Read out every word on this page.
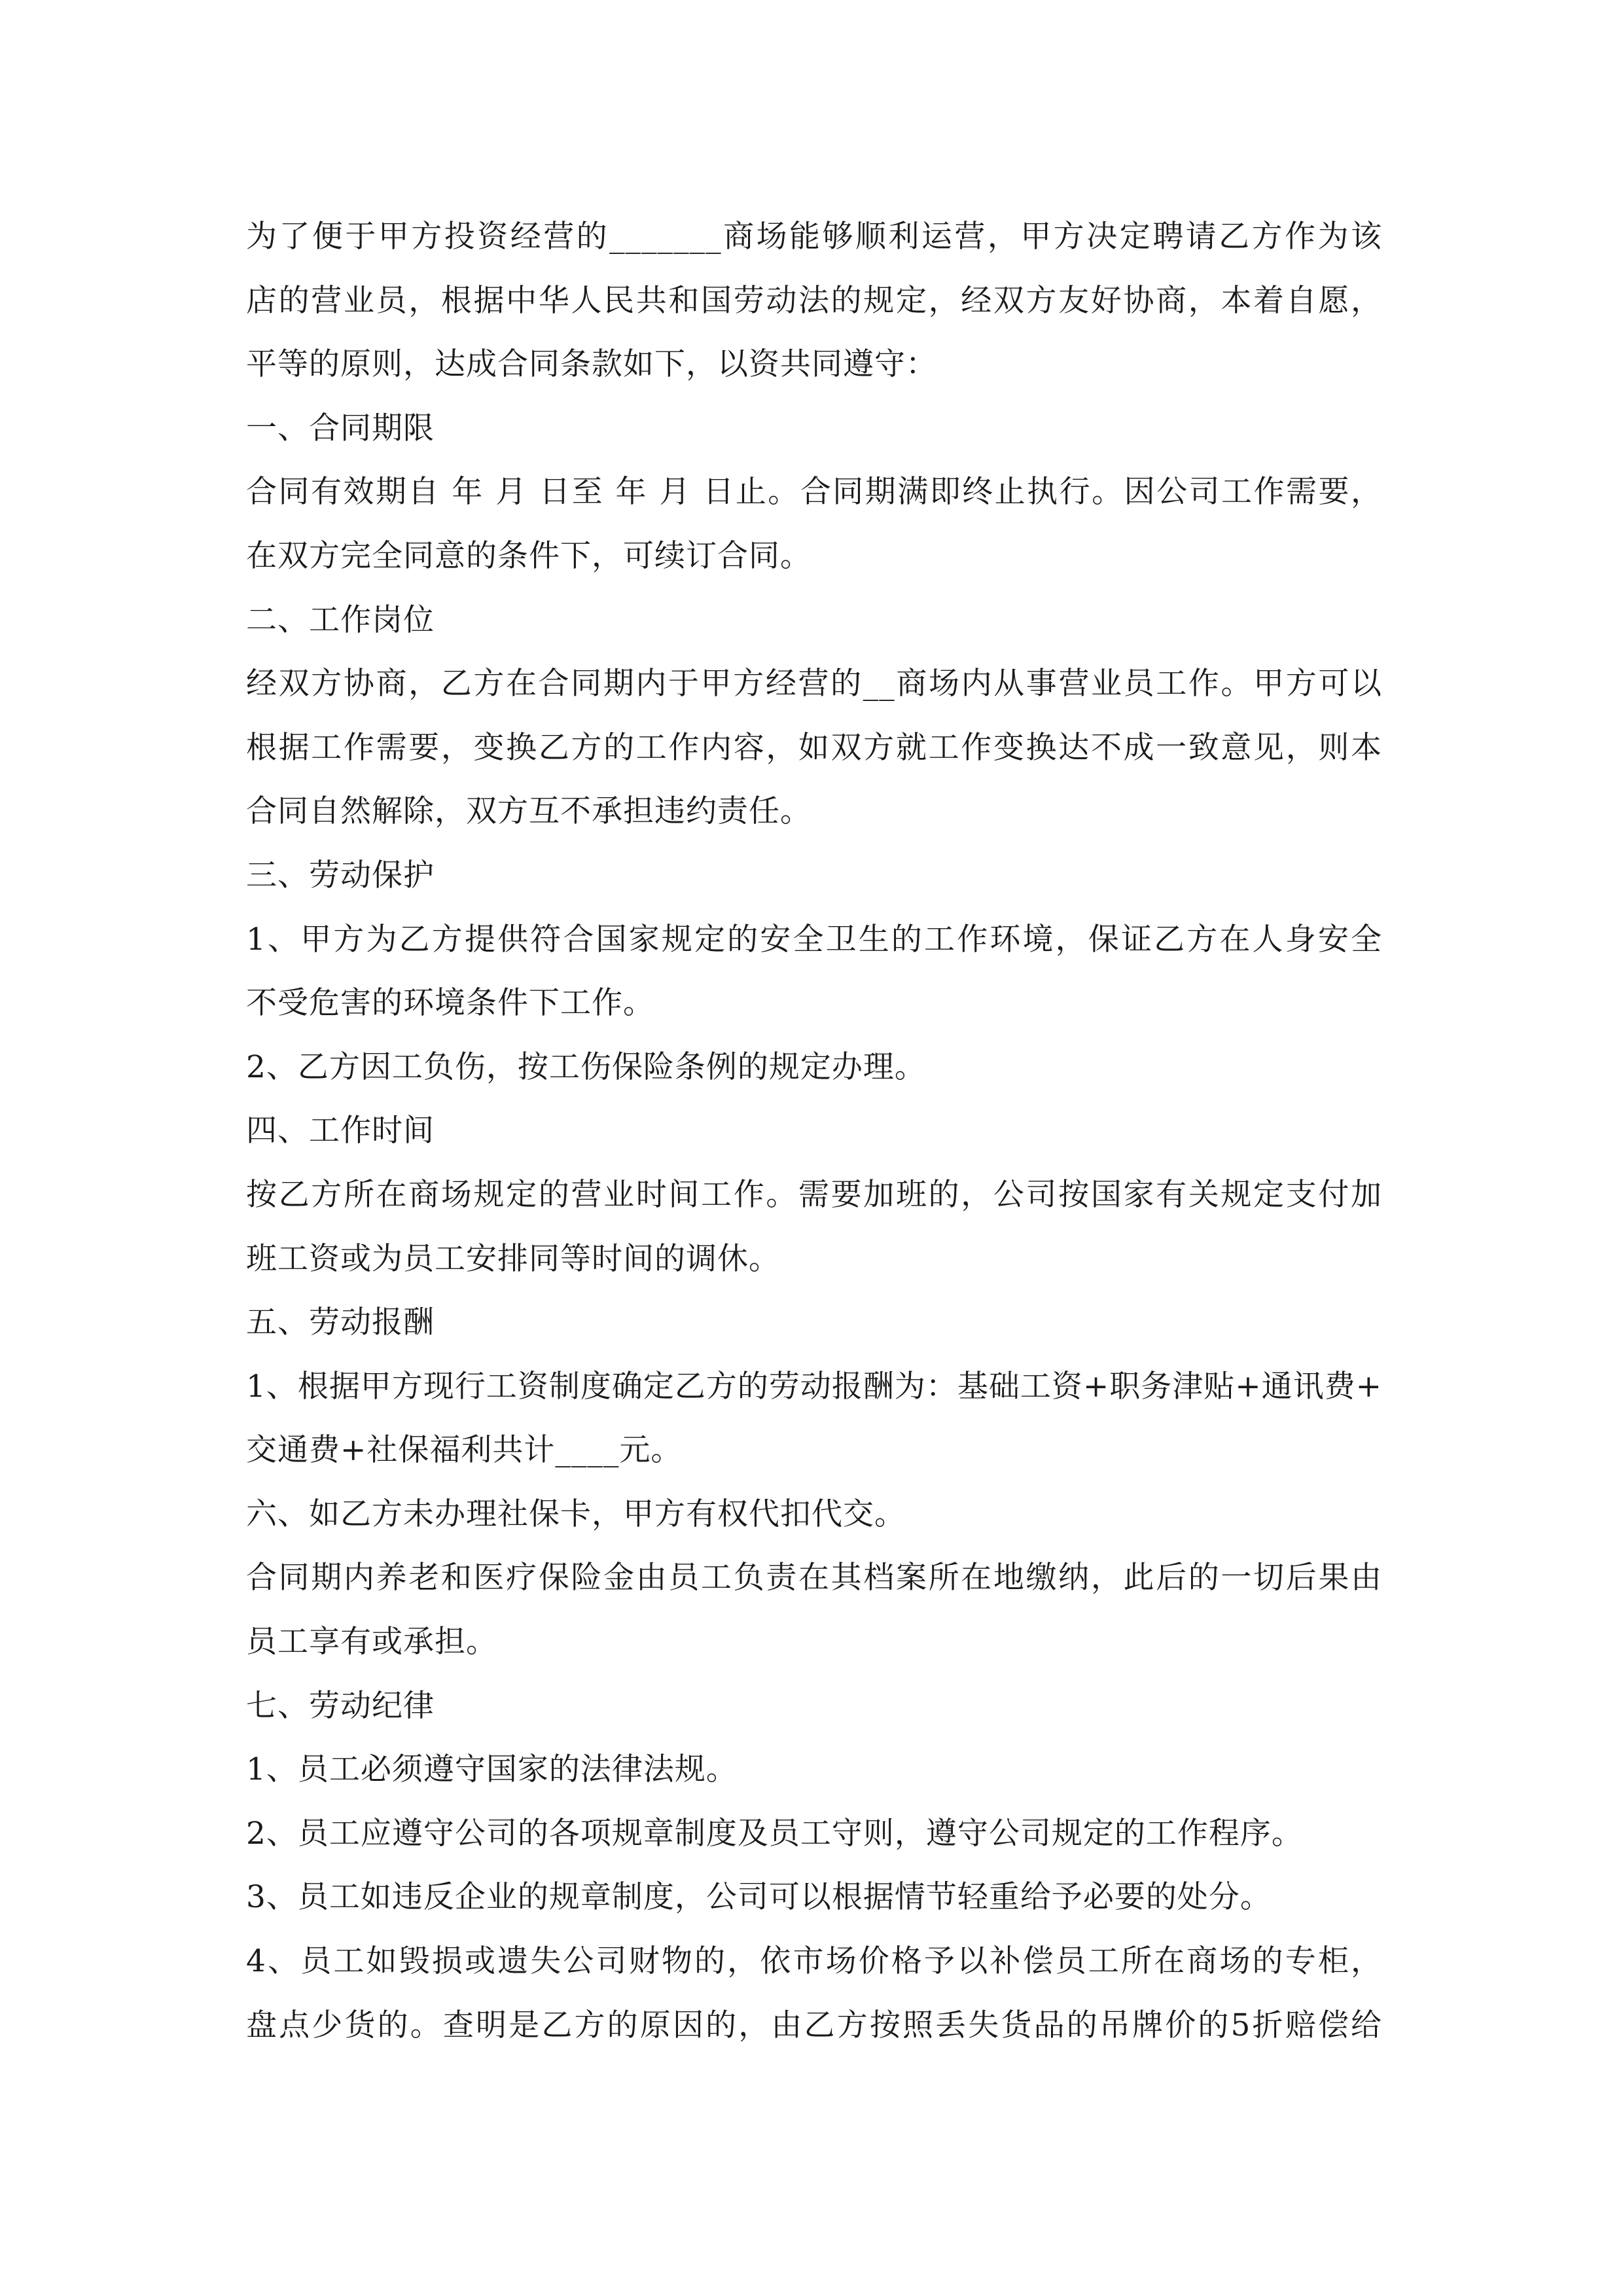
为了便于甲方投资经营的_______商场能够顺利运营，甲方决定聘请乙方作为该
店的营业员，根据中华人民共和国劳动法的规定，经双方友好协商，本着自愿，
平等的原则，达成合同条款如下，以资共同遵守：
一、合同期限
合同有效期自 年 月 日至 年 月 日止。合同期满即终止执行。因公司工作需要，
在双方完全同意的条件下，可续订合同。
二、工作岗位
经双方协商，乙方在合同期内于甲方经营的__商场内从事营业员工作。甲方可以
根据工作需要，变换乙方的工作内容，如双方就工作变换达不成一致意见，则本
合同自然解除，双方互不承担违约责任。
三、劳动保护
1、甲方为乙方提供符合国家规定的安全卫生的工作环境，保证乙方在人身安全
不受危害的环境条件下工作。
2、乙方因工负伤，按工伤保险条例的规定办理。
四、工作时间
按乙方所在商场规定的营业时间工作。需要加班的，公司按国家有关规定支付加
班工资或为员工安排同等时间的调休。
五、劳动报酬
1、根据甲方现行工资制度确定乙方的劳动报酬为：基础工资+职务津贴+通讯费+
交通费+社保福利共计____元。
六、如乙方未办理社保卡，甲方有权代扣代交。
合同期内养老和医疗保险金由员工负责在其档案所在地缴纳，此后的一切后果由
员工享有或承担。
七、劳动纪律
1、员工必须遵守国家的法律法规。
2、员工应遵守公司的各项规章制度及员工守则，遵守公司规定的工作程序。
3、员工如违反企业的规章制度，公司可以根据情节轻重给予必要的处分。
4、员工如毁损或遗失公司财物的，依市场价格予以补偿员工所在商场的专柜，
盘点少货的。查明是乙方的原因的，由乙方按照丢失货品的吊牌价的5折赔偿给
